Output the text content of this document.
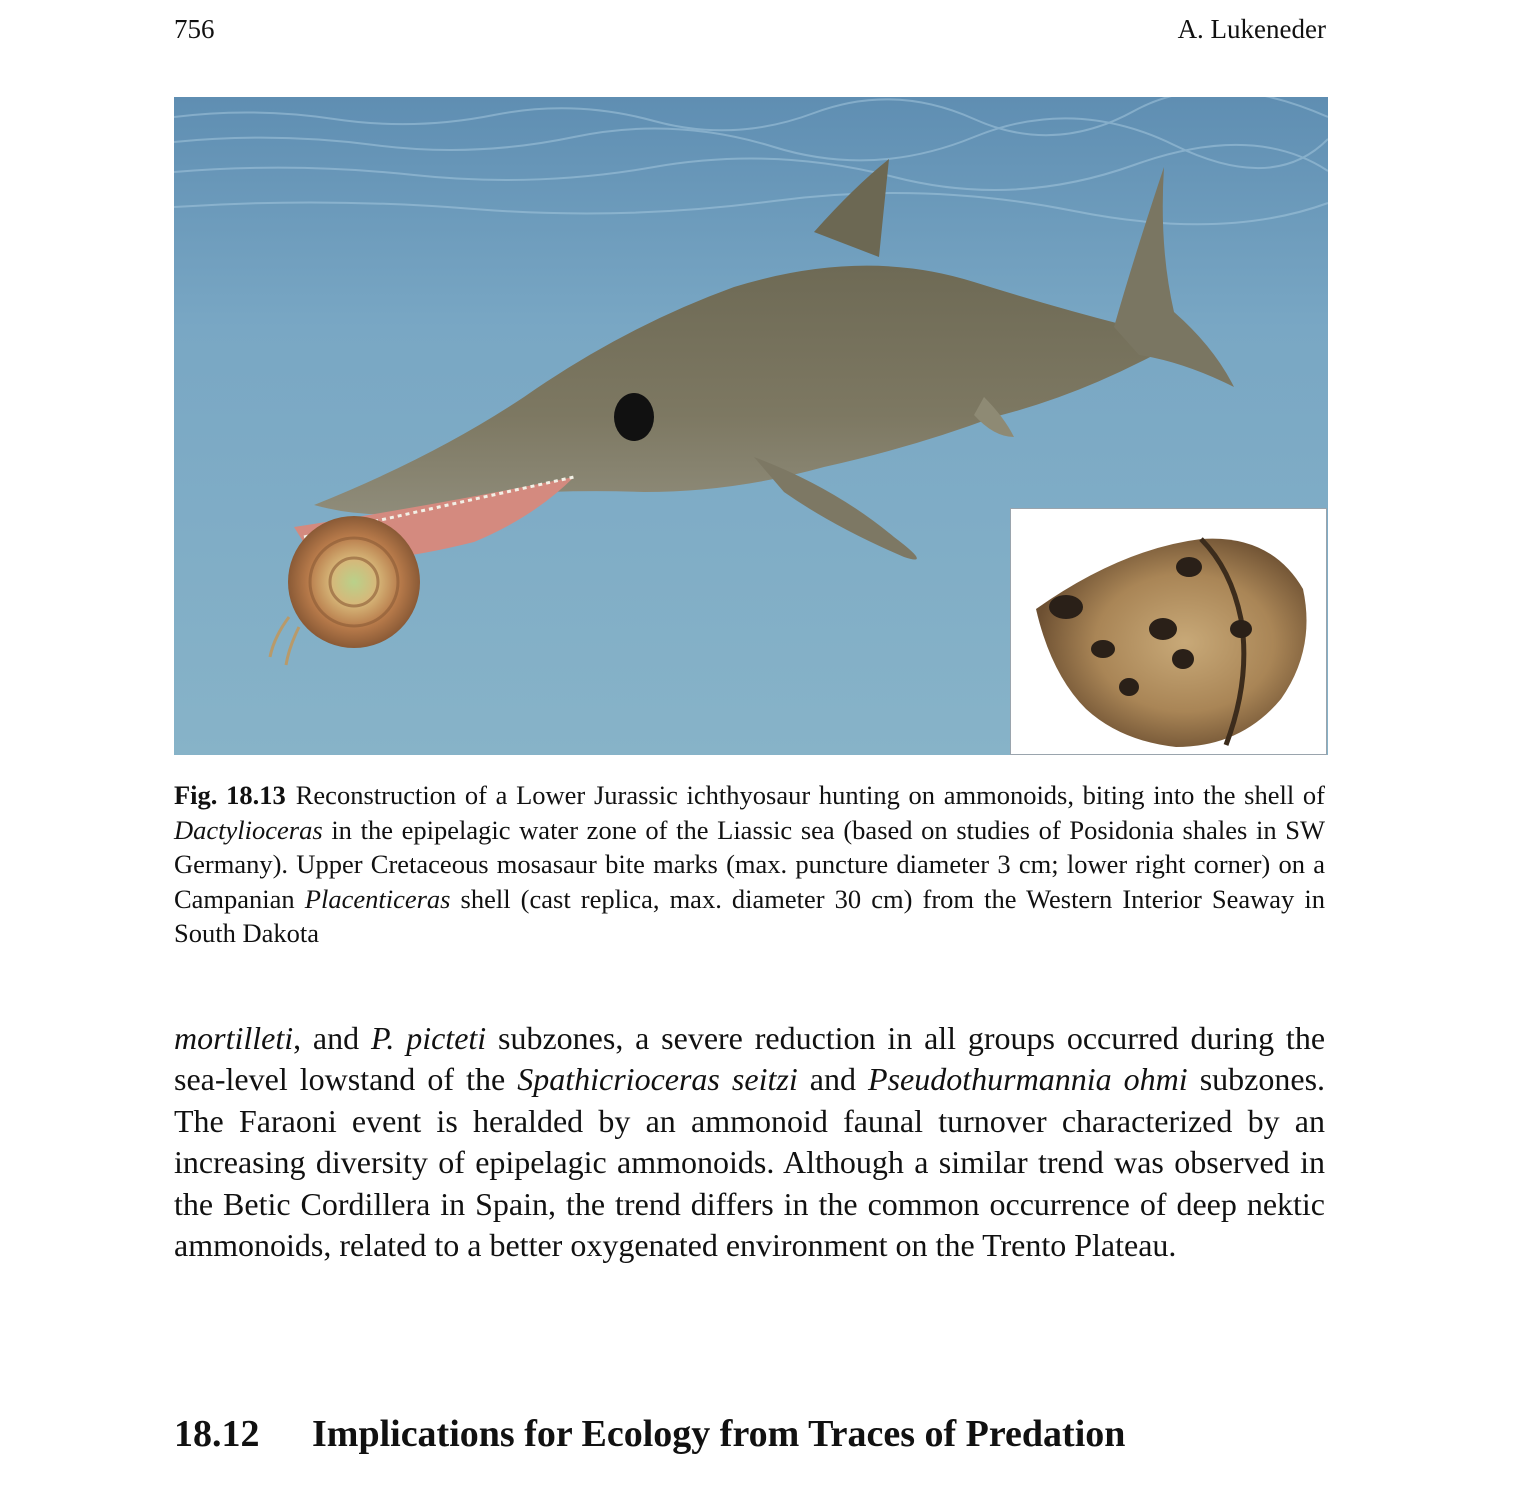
756	A. Lukeneder
Fig. 18.13 Reconstruction of a Lower Jurassic ichthyosaur hunting on ammonoids, biting into the shell of Dactylioceras in the epipelagic water zone of the Liassic sea (based on studies of Posidonia shales in SW Germany). Upper Cretaceous mosasaur bite marks (max. puncture diameter 3 cm; lower right corner) on a Campanian Placenticeras shell (cast replica, max. diameter 30 cm) from the Western Interior Seaway in South Dakota
mortilleti, and P. picteti subzones, a severe reduction in all groups occurred during the sea-level lowstand of the Spathicrioceras seitzi and Pseudothurmannia ohmi subzones. The Faraoni event is heralded by an ammonoid faunal turnover characterized by an increasing diversity of epipelagic ammonoids. Although a similar trend was observed in the Betic Cordillera in Spain, the trend differs in the common occurrence of deep nektic ammonoids, related to a better oxygenated environment on the Trento Plateau.
18.12 Implications for Ecology from Traces of Predation
